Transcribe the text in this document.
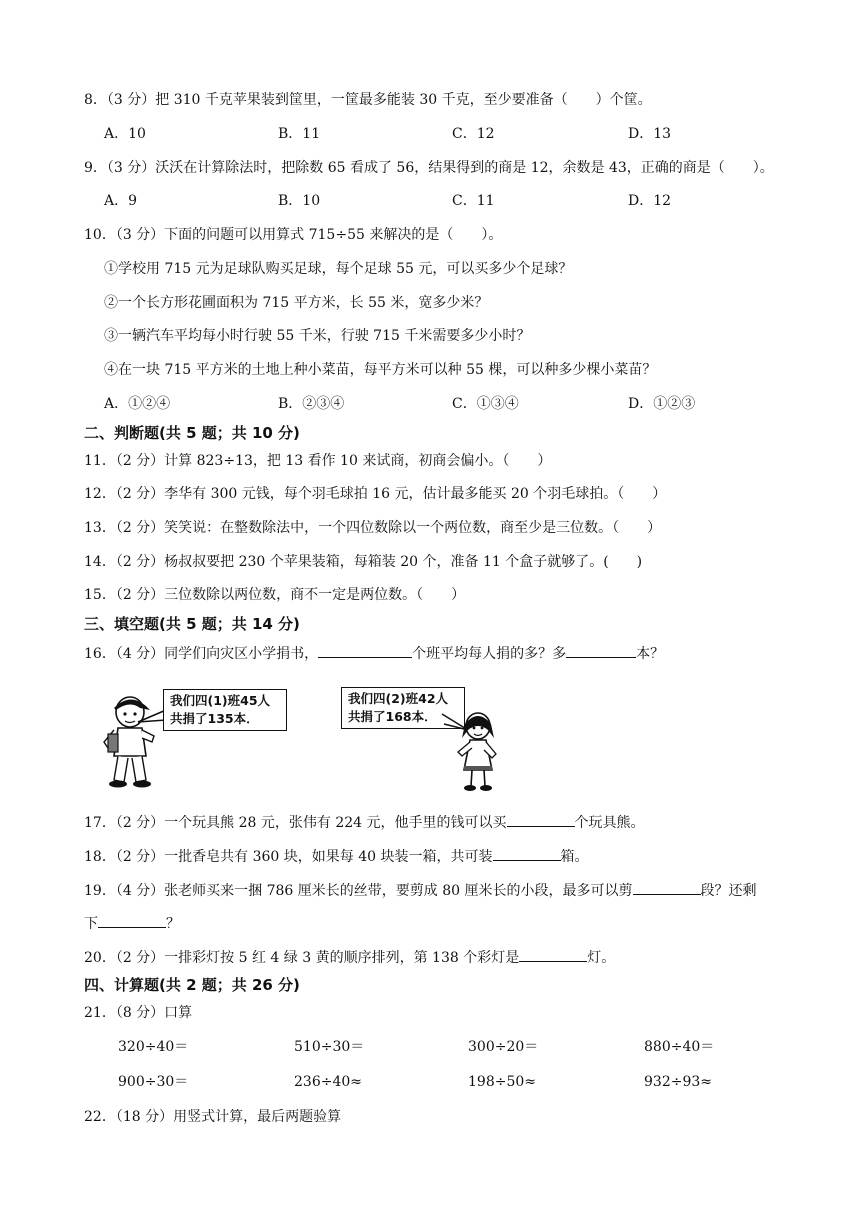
8．（3 分）把 310 千克苹果装到筐里，一筐最多能装 30 千克，至少要准备（　　）个筐。
A．10	B．11	C．12	D．13
9．（3 分）沃沃在计算除法时，把除数 65 看成了 56，结果得到的商是 12，余数是 43，正确的商是（　　）。
A．9	B．10	C．11	D．12
10．（3 分）下面的问题可以用算式 715÷55 来解决的是（　　）。
①学校用 715 元为足球队购买足球，每个足球 55 元，可以买多少个足球？
②一个长方形花圃面积为 715 平方米，长 55 米，宽多少米？
③一辆汽车平均每小时行驶 55 千米，行驶 715 千米需要多少小时？
④在一块 715 平方米的土地上种小菜苗，每平方米可以种 55 棵，可以种多少棵小菜苗？
A．①②④	B．②③④	C．①③④	D．①②③
二、判断题(共 5 题；共 10 分)
11．（2 分）计算 823÷13，把 13 看作 10 来试商，初商会偏小。（　　）
12．（2 分）李华有 300 元钱，每个羽毛球拍 16 元，估计最多能买 20 个羽毛球拍。（　　）
13．（2 分）笑笑说：在整数除法中，一个四位数除以一个两位数，商至少是三位数。（　　）
14．（2 分）杨叔叔要把 230 个苹果装箱，每箱装 20 个，准备 11 个盒子就够了。(　　)
15．（2 分）三位数除以两位数，商不一定是两位数。（　　）
三、填空题(共 5 题；共 14 分)
16．（4 分）同学们向灾区小学捐书，	个班平均每人捐的多？多	本？
我们四(1)班45人
共捐了135本．
我们四(2)班42人
共捐了168本．
17．（2 分）一个玩具熊 28 元，张伟有 224 元，他手里的钱可以买	个玩具熊。
18．（2 分）一批香皂共有 360 块，如果每 40 块装一箱，共可装	箱。
19．（4 分）张老师买来一捆 786 厘米长的丝带，要剪成 80 厘米长的小段，最多可以剪	段？还剩
下	？
20．（2 分）一排彩灯按 5 红 4 绿 3 黄的顺序排列，第 138 个彩灯是	灯。
四、计算题(共 2 题；共 26 分)
21．（8 分）口算
320÷40＝	510÷30＝	300÷20＝	880÷40＝
900÷30＝	236÷40≈	198÷50≈	932÷93≈
22．（18 分）用竖式计算，最后两题验算
